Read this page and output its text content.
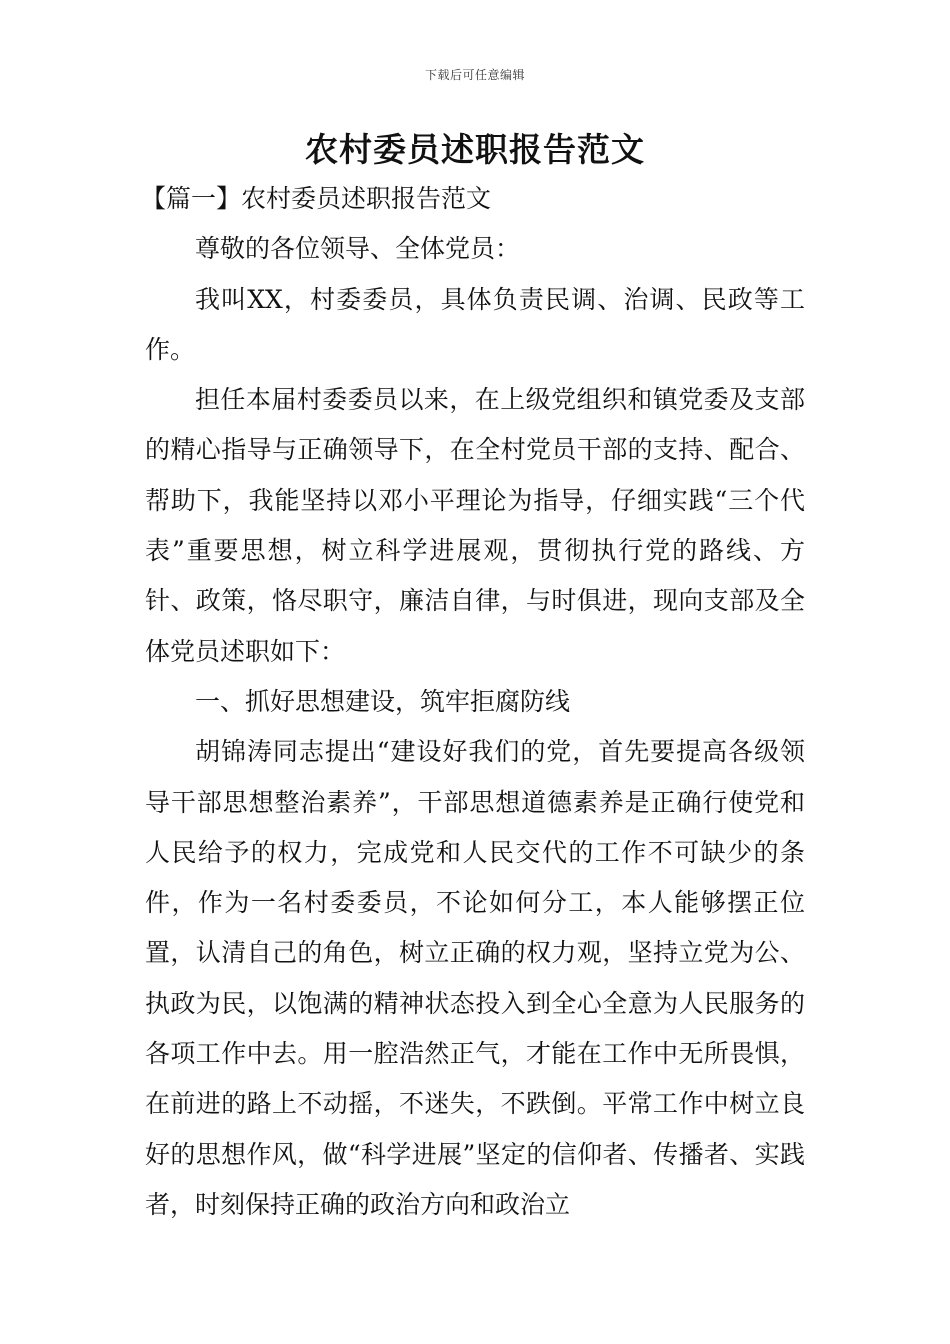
下载后可任意编辑
农村委员述职报告范文

【篇一】农村委员述职报告范文

尊敬的各位领导、全体党员：

我叫XX，村委委员，具体负责民调、治调、民政等工作。

担任本届村委委员以来，在上级党组织和镇党委及支部的精心指导与正确领导下，在全村党员干部的支持、配合、帮助下，我能坚持以邓小平理论为指导，仔细实践“三个代表”重要思想，树立科学进展观，贯彻执行党的路线、方针、政策，恪尽职守，廉洁自律，与时俱进，现向支部及全体党员述职如下：

一、抓好思想建设，筑牢拒腐防线

胡锦涛同志提出“建设好我们的党，首先要提高各级领导干部思想整治素养”，干部思想道德素养是正确行使党和人民给予的权力，完成党和人民交代的工作不可缺少的条件，作为一名村委委员，不论如何分工，本人能够摆正位置，认清自己的角色，树立正确的权力观，坚持立党为公、执政为民，以饱满的精神状态投入到全心全意为人民服务的各项工作中去。用一腔浩然正气，才能在工作中无所畏惧，在前进的路上不动摇，不迷失，不跌倒。平常工作中树立良好的思想作风，做“科学进展”坚定的信仰者、传播者、实践者，时刻保持正确的政治方向和政治立
